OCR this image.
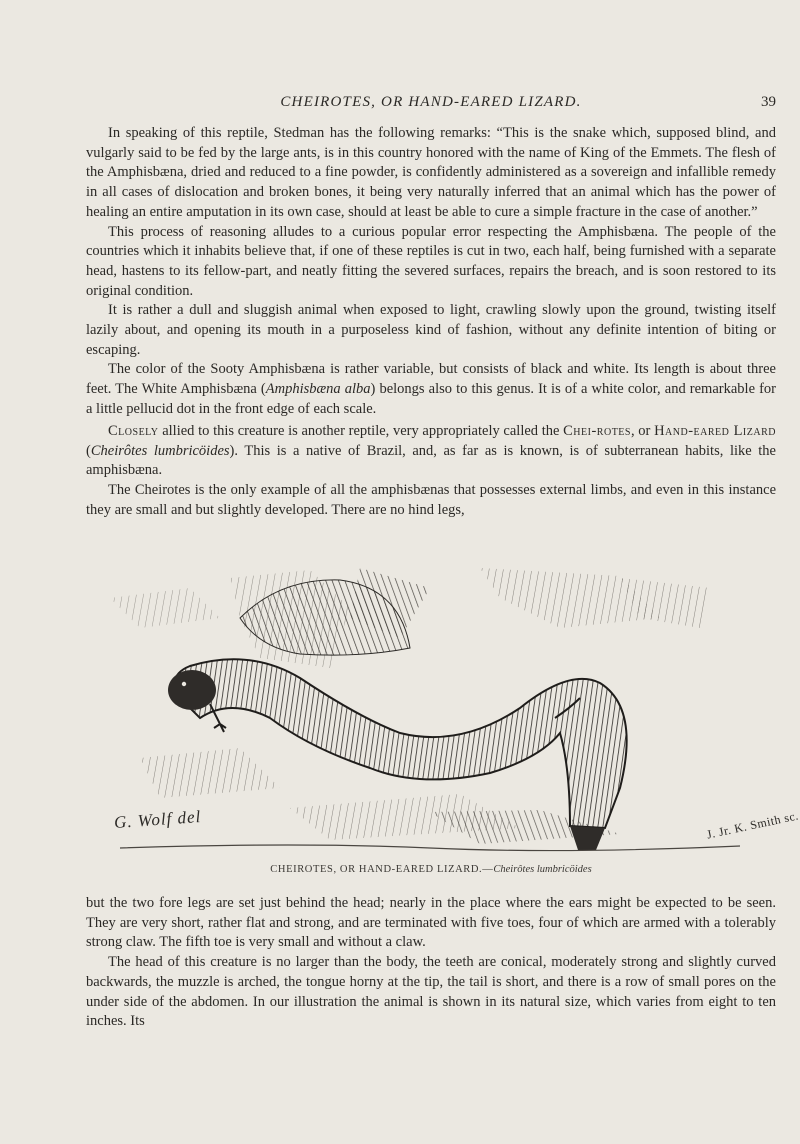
CHEIROTES, OR HAND-EARED LIZARD.	39

In speaking of this reptile, Stedman has the following remarks: “This is the snake which, supposed blind, and vulgarly said to be fed by the large ants, is in this country honored with the name of King of the Emmets. The flesh of the Amphisbæna, dried and reduced to a fine powder, is confidently administered as a sovereign and infallible remedy in all cases of dislocation and broken bones, it being very naturally inferred that an animal which has the power of healing an entire amputation in its own case, should at least be able to cure a simple fracture in the case of another.”

This process of reasoning alludes to a curious popular error respecting the Amphisbæna. The people of the countries which it inhabits believe that, if one of these reptiles is cut in two, each half, being furnished with a separate head, hastens to its fellow-part, and neatly fitting the severed surfaces, repairs the breach, and is soon restored to its original condition.

It is rather a dull and sluggish animal when exposed to light, crawling slowly upon the ground, twisting itself lazily about, and opening its mouth in a purposeless kind of fashion, without any definite intention of biting or escaping.

The color of the Sooty Amphisbæna is rather variable, but consists of black and white. Its length is about three feet. The White Amphisbæna (Amphisbæna alba) belongs also to this genus. It is of a white color, and remarkable for a little pellucid dot in the front edge of each scale.

Closely allied to this creature is another reptile, very appropriately called the Chei-rotes, or Hand-eared Lizard (Cheirôtes lumbricöides). This is a native of Brazil, and, as far as is known, is of subterranean habits, like the amphisbæna.

The Cheirotes is the only example of all the amphisbænas that possesses external limbs, and even in this instance they are small and but slightly developed. There are no hind legs,

G. Wolf del	J. Jr. K. Smith sc.
CHEIROTES, OR HAND-EARED LIZARD.—Cheirôtes lumbricöides

but the two fore legs are set just behind the head; nearly in the place where the ears might be expected to be seen. They are very short, rather flat and strong, and are terminated with five toes, four of which are armed with a tolerably strong claw. The fifth toe is very small and without a claw.

The head of this creature is no larger than the body, the teeth are conical, moderately strong and slightly curved backwards, the muzzle is arched, the tongue horny at the tip, the tail is short, and there is a row of small pores on the under side of the abdomen. In our illustration the animal is shown in its natural size, which varies from eight to ten inches. Its
